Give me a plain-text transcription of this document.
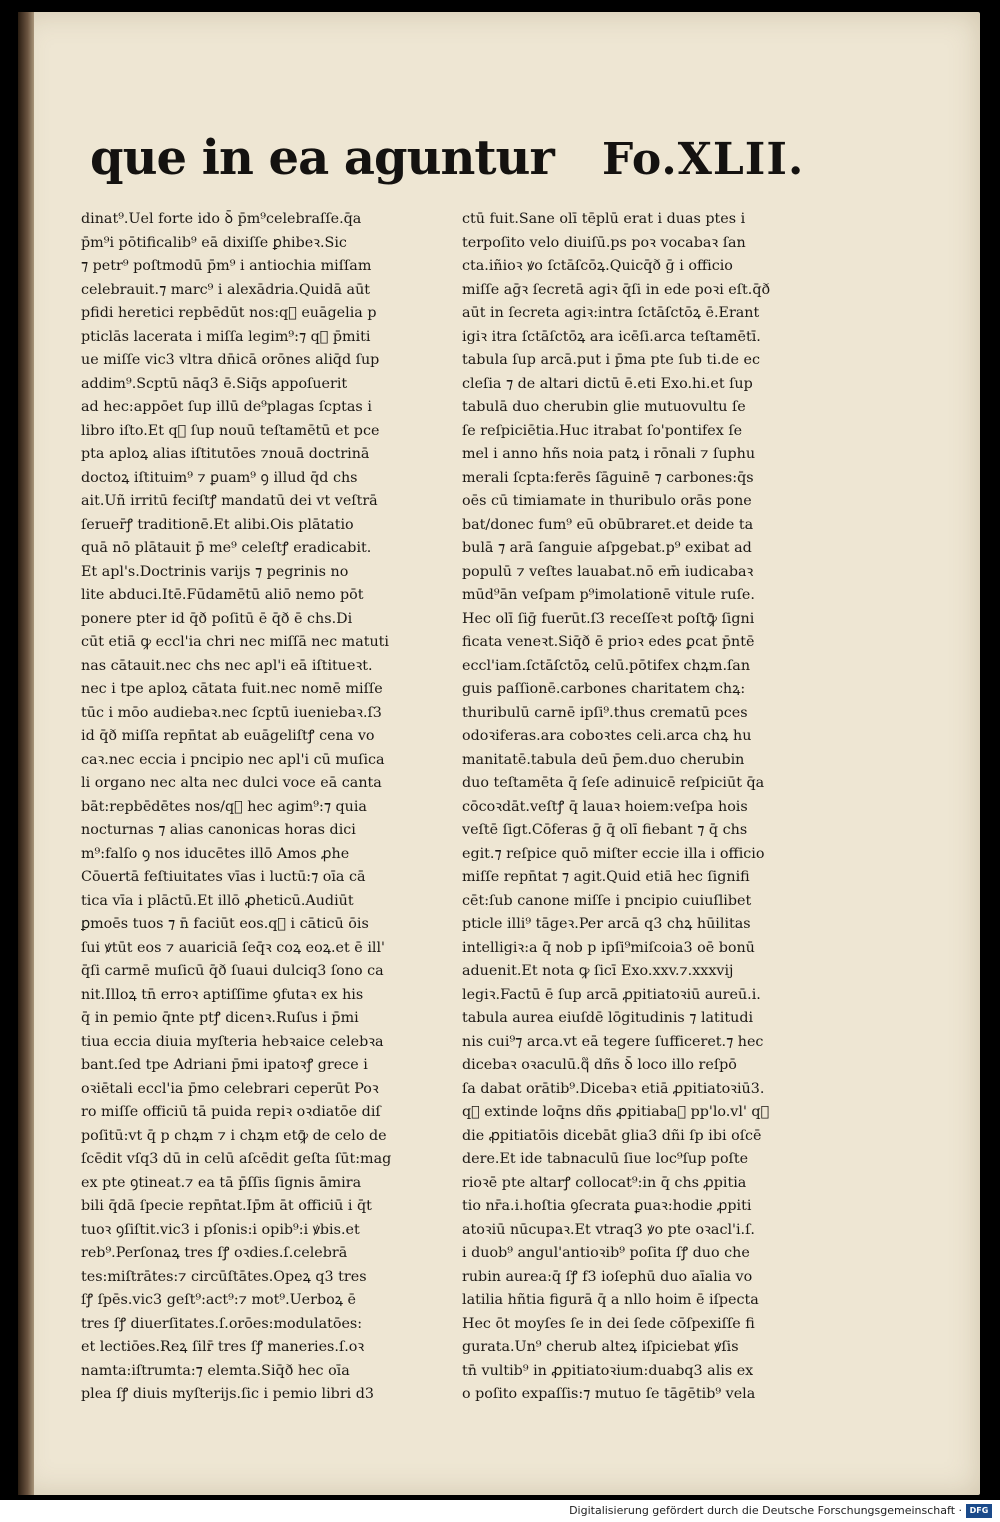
que in ea aguntur Fo.XLII.
dinat⁹.Uel forte ido ꝺ̄ p̄m⁹celebraſſe.q̄a
p̄m⁹i pōtificalib⁹ eā dixiſſe ꝑhibeꝛ.Sic
⁊ petr⁹ poſtmodū p̄m⁹ i antiochia miſſam
celebrauit.⁊ marc⁹ i alexādria.Quidā aūt
pfidi heretici repbēdūt nos:q᷑ euāgelia p
pticlās lacerata i miſſa legim⁹:⁊ q᷑ p̄miti
ue miſſe vic3 vltra dn̄icā orōnes aliq̄d ſup
addim⁹.Scptū nāq3 ē.Siq̄s appoſuerit
ad hec:appōet ſup illū de⁹plagas ſcptas i
libro iſto.Et q᷑ ſup nouū teſtamētū et pce
pta aploꝝ alias iſtitutōes ⁊nouā doctrinā
doctoꝝ iſtituim⁹ ⁊ ꝑuam⁹ ꝯ illud q̄d chs
ait.Uñ irritū feciſtꝭ mandatū dei vt veſtrā
ſeruer̄ꝭ traditionē.Et alibi.Ois plātatio
quā nō plātauit p̄ me⁹ celeſtꝭ eradicabit.
Et apl's.Doctrinis varijs ⁊ pegrinis no
lite abduci.Itē.Fūdamētū aliō nemo pōt
ponere pter id q̄ð poſitū ē q̄ð ē chs.Di
cūt etiā ꝙ eccl'ia chri nec miſſā nec matuti
nas cātauit.nec chs nec apl'i eā iſtitueꝛt.
nec i tpe aploꝝ cātata fuit.nec nomē miſſe
tūc i mōo audiebaꝛ.nec ſcptū iueniebaꝛ.ſ3
id q̄ð miſſa repn̄tat ab euāgeliſtꝭ cena vo
caꝛ.nec eccia i pncipio nec apl'i cū muſica
li organo nec alta nec dulci voce eā canta
bāt:repbēdētes nos/q᷑ hec agim⁹:⁊ quia
nocturnas ⁊ alias canonicas horas dici
m⁹:falſo ꝯ nos iducētes illō Amos ꝓhe
Cōuertā feſtiuitates vīas i luctū:⁊ oīa cā
tica vīa i plāctū.Et illō ꝓheticū.Audiūt
ꝑmoēs tuos ⁊ n̄ faciūt eos.q᷑ i cāticū ōis
ſui ꝟtūt eos ⁊ auariciā ſeq̄ꝛ coꝝ eoꝝ.et ē ill'
q̄ſi carmē muſicū q̄ð ſuaui dulciq3 ſono ca
nit.Illoꝝ tn̄ erroꝛ aptiſſime ꝯfutaꝛ ex his
q̄ in pemio q̄nte ptꝭ dicenꝛ.Ruſus i p̄mi
tiua eccia diuia myſteria hebꝛaice celebꝛa
bant.ſed tpe Adriani p̄mi ipatoꝛꝭ grece i
oꝛiētali eccl'ia p̄mo celebrari ceperūt Poꝛ
ro miſſe officiū tā puida repiꝛ oꝛdiatōe diſ
poſitū:vt q̄ p chꝝm ⁊ i chꝝm etꝙ̄ de celo de
ſcēdit vſq3 dū in celū aſcēdit geſta ſūt:mag
ex pte ꝯtineat.⁊ ea tā p̄ſſis ſignis āmira
bili q̄dā ſpecie repn̄tat.Ip̄m āt officiū i q̄t
tuoꝛ ꝯſiſtit.vic3 i pſonis:i opib⁹:i ꝟbis.et
reb⁹.Perſonaꝝ tres ſꝭ oꝛdies.ſ.celebrā
tes:miſtrātes:⁊ circūſtātes.Opeꝝ q3 tres
ſꝭ ſpēs.vic3 geſt⁹:act⁹:⁊ mot⁹.Uerboꝝ ē
tres ſꝭ diuerſitates.ſ.orōes:modulatōes:
et lectiōes.Reꝝ ſilr̄ tres ſꝭ maneries.ſ.oꝛ
namta:iſtrumta:⁊ elemta.Siq̄ð hec oīa
plea ſꝭ diuis myſterijs.ſic i pemio libri d3
ctū fuit.Sane olī tēplū erat i duas ptes i
terpoſito velo diuiſū.ps poꝛ vocabaꝛ ſan
cta.iñioꝛ ꝟo ſctāſcōꝝ.Quicq̄ð ḡ i officio
miſſe aḡꝛ ſecretā agiꝛ q̄ſi in ede poꝛi eſt.q̄ð
aūt in ſecreta agiꝛ:intra ſctāſctōꝝ ē.Erant
igiꝛ itra ſctāſctōꝝ ara icēſi.arca teſtamētī.
tabula ſup arcā.put i p̄ma pte ſub ti.de ec
cleſia ⁊ de altari dictū ē.eti Exo.hi.et ſup
tabulā duo cherubin glie mutuovultu ſe
ſe reſpiciētia.Huc itrabat ſo'pontifex ſe
mel i anno hñs noia patꝝ i rōnali ⁊ ſuphu
merali ſcpta:ferēs ſāguinē ⁊ carbones:q̄s
oēs cū timiamate in thuribulo orās pone
bat/donec fum⁹ eū obūbraret.et deide ta
bulā ⁊ arā ſanguie aſpgebat.p⁹ exibat ad
populū ⁊ veſtes lauabat.nō em̄ iudicabaꝛ
mūd⁹ān veſpam p⁹imolationē vitule ruſe.
Hec olī ſiḡ fuerūt.ſ3 receſſeꝛt poſtꝙ̄ ſigni
ficata veneꝛt.Siq̄ð ē prioꝛ edes ꝑcat p̄ntē
eccl'iam.ſctāſctōꝝ celū.pōtifex chꝝm.ſan
guis paſſionē.carbones charitatem chꝝ:
thuribulū carnē ipſi⁹.thus crematū pces
odoꝛiferas.ara coboꝛtes celi.arca chꝝ hu
manitatē.tabula deū p̄em.duo cherubin
duo teſtamēta q̄ ſeſe adinuicē reſpiciūt q̄a
cōcoꝛdāt.veſtꝭ q̄ lauaꝛ hoiem:veſpa hois
veſtē ſigt.Cōferas ḡ q̄ olī fiebant ⁊ q̄ chs
egit.⁊ reſpice quō miſter eccie illa i officio
miſſe repn̄tat ⁊ agit.Quid etiā hec ſignifi
cēt:ſub canone miſſe i pncipio cuiuſlibet
pticle illi⁹ tāgeꝛ.Per arcā q3 chꝝ hūilitas
intelligiꝛ:a q̄ nob p ipſi⁹miſcoia3 oē bonū
aduenit.Et nota ꝙ ſicī Exo.xxv.⁊.xxxvij
legiꝛ.Factū ē ſup arcā ꝓpitiatoꝛiū aureū.i.
tabula aurea eiuſdē lōgitudinis ⁊ latitudi
nis cui⁹⁊ arca.vt eā tegere ſufficeret.⁊ hec
dicebaꝛ oꝛaculū.q᷑ dñs ꝺ̄ loco illo reſpō
ſa dabat orātib⁹.Dicebaꝛ etiā ꝓpitiatoꝛiū3.
q᷑ extinde loq̄ns dñs ꝓpitiabaꝛ pp'lo.vl' q᷑
die ꝓpitiatōis dicebāt glia3 dñi ſp ibi oſcē
dere.Et ide tabnaculū ſiue loc⁹ſup poſte
rioꝛē pte altarꝭ collocat⁹:in q̄ chs ꝓpitia
tio nr̄a.i.hoſtia ꝯſecrata ꝑuaꝛ:hodie ꝓpiti
atoꝛiū nūcupaꝛ.Et vtraq3 ꝟo pte oꝛacl'i.ſ.
i duob⁹ angul'antioꝛib⁹ poſita ſꝭ duo che
rubin aurea:q̄ ſꝭ f3 ioſephū duo aīalia vo
latilia hñtia figurā q̄ a nllo hoim ē iſpecta
Hec ōt moyſes ſe in dei ſede cōſpexiſſe fi
gurata.Un⁹ cherub alteꝝ iſpiciebat ꝟſis
tn̄ vultib⁹ in ꝓpitiatoꝛium:duabq3 alis ex
o poſito expaſſis:⁊ mutuo ſe tāgētib⁹ vela
Digitalisierung gefördert durch die Deutsche Forschungsgemeinschaft · DFG
